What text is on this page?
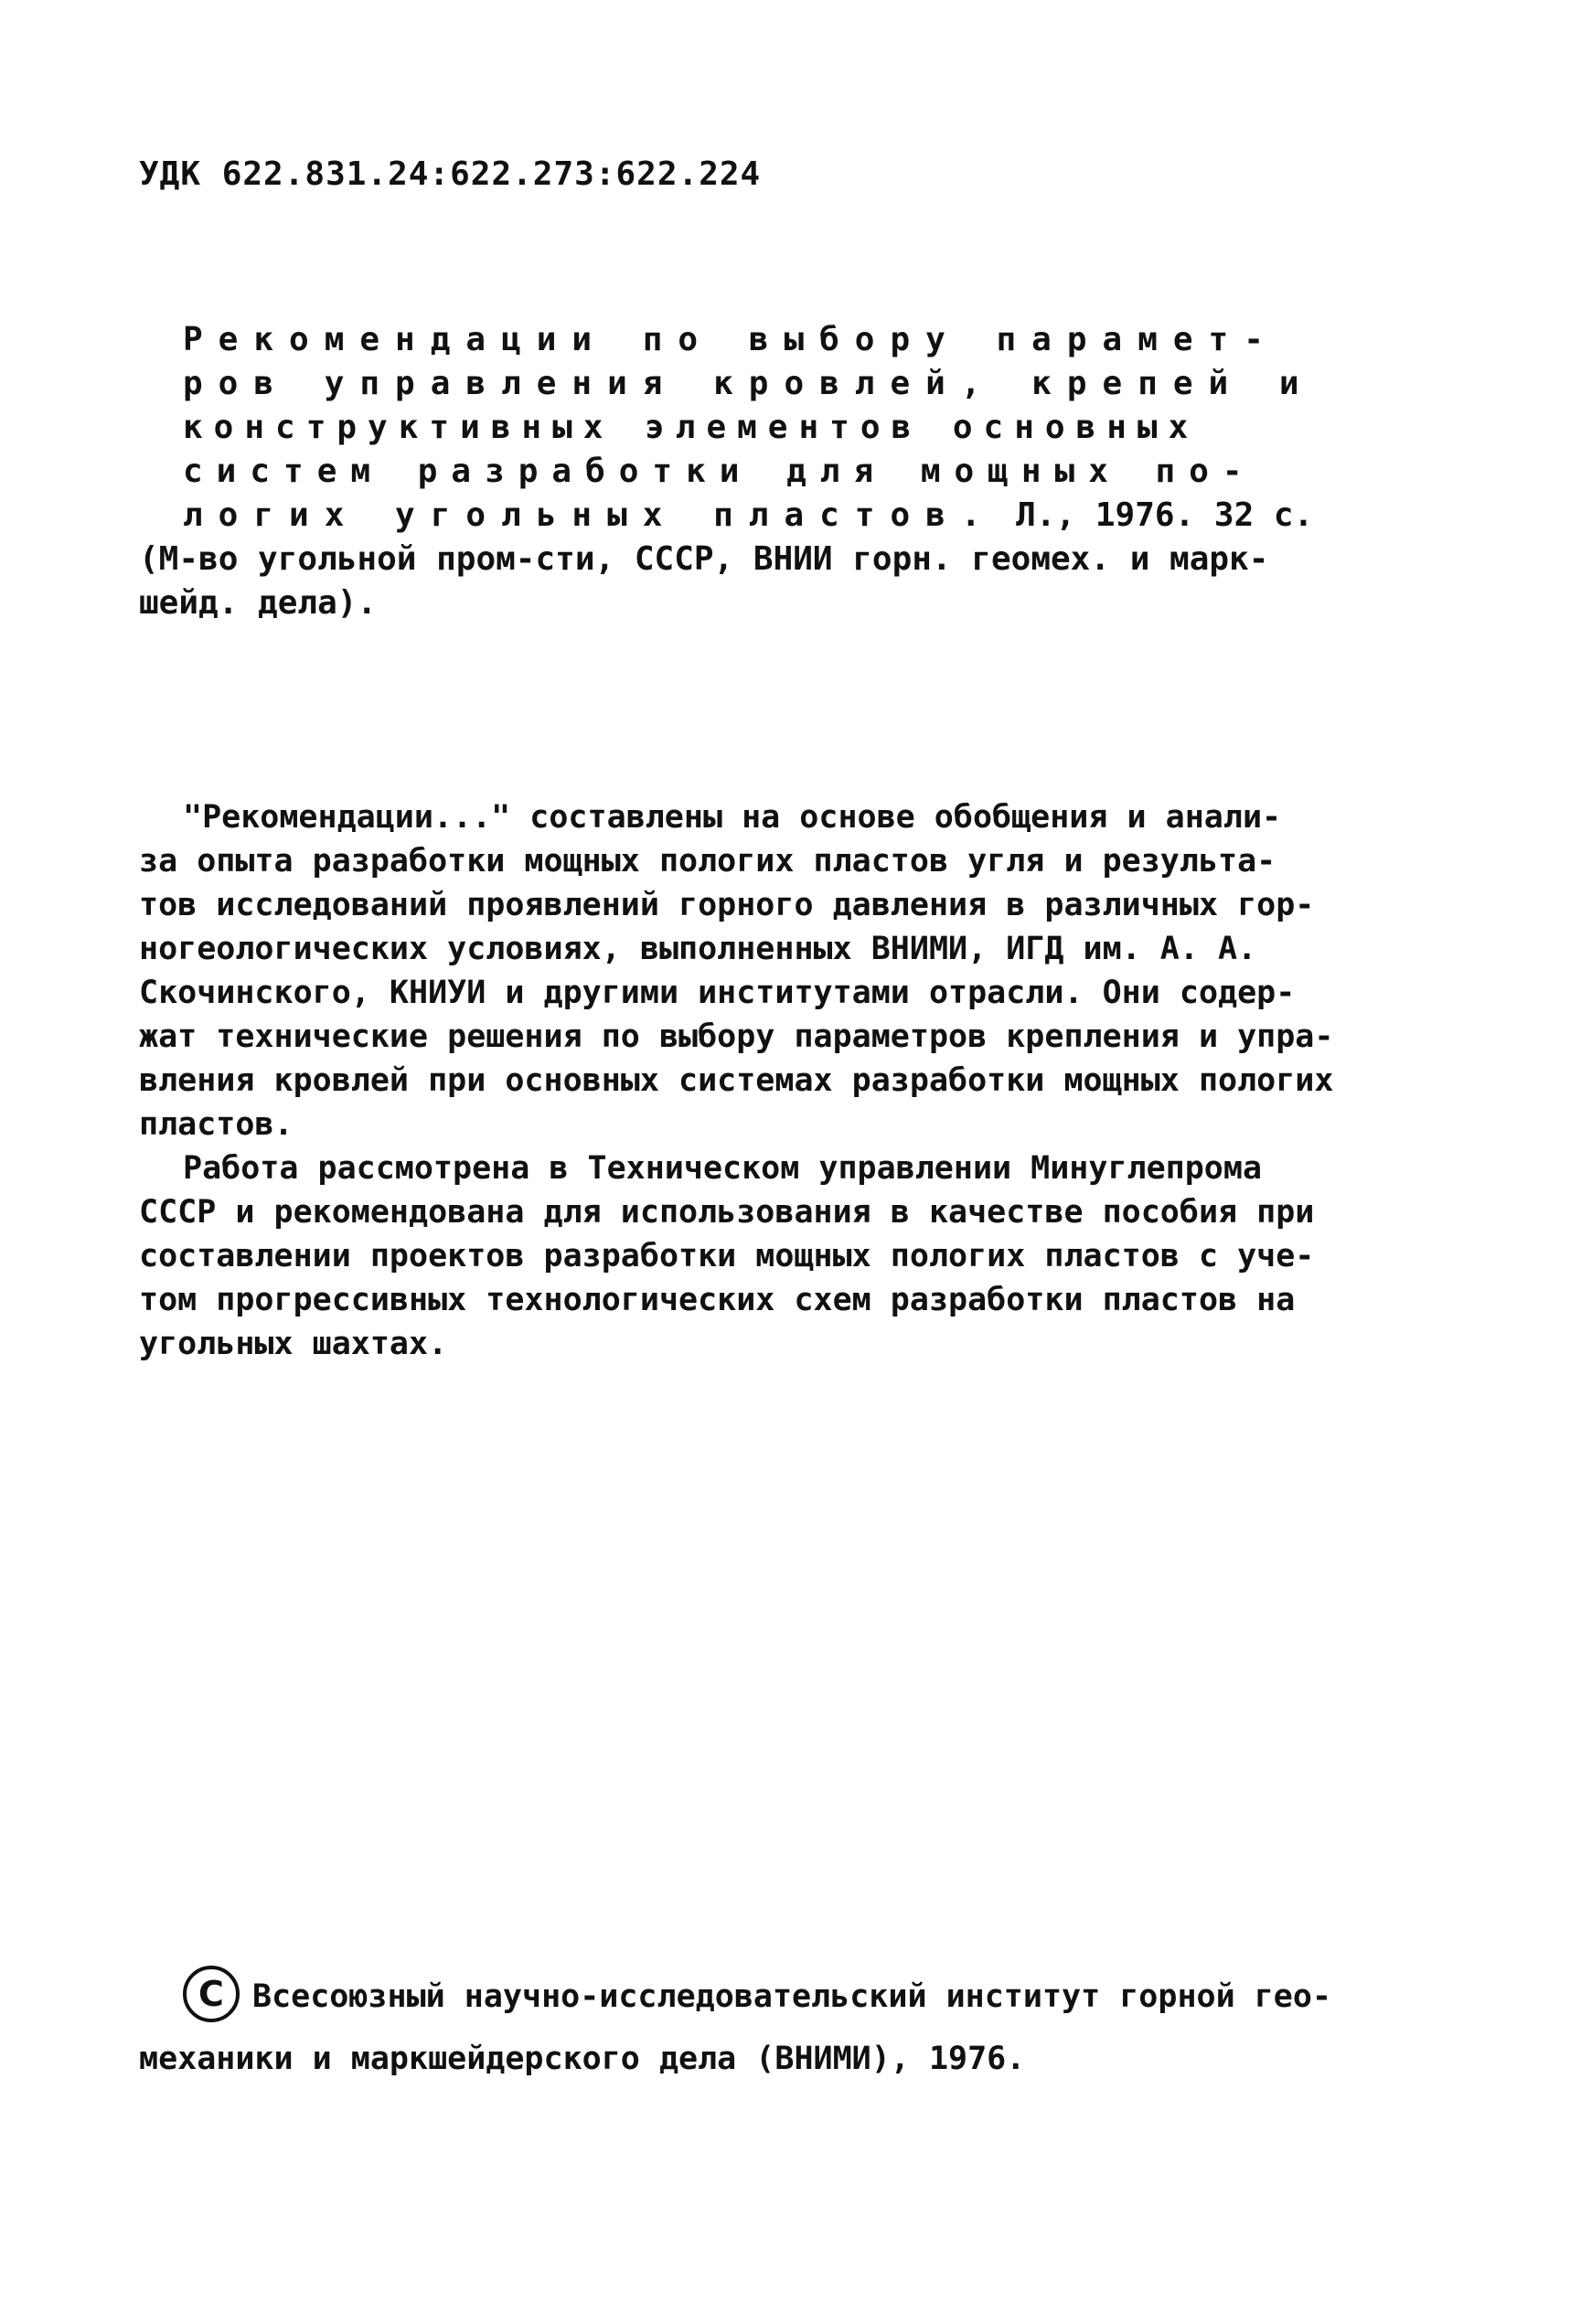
УДК 622.831.24:622.273:622.224
Рекомендации по выбору парамет-
ров управления кровлей, крепей и
конструктивных элементов основных
систем разработки для мощных по-
логих угольных пластов. Л., 1976. 32 с.
(М-во угольной пром-сти, СССР, ВНИИ горн. геомех. и марк-
шейд. дела).
"Рекомендации..." составлены на основе обобщения и анали-
за опыта разработки мощных пологих пластов угля и результа-
тов исследований проявлений горного давления в различных гор-
ногеологических условиях, выполненных ВНИМИ, ИГД им. А. А.
Скочинского, КНИУИ и другими институтами отрасли. Они содер-
жат технические решения по выбору параметров крепления и упра-
вления кровлей при основных системах разработки мощных пологих
пластов.
Работа рассмотрена в Техническом управлении Минуглепрома
СССР и рекомендована для использования в качестве пособия при
составлении проектов разработки мощных пологих пластов с уче-
том прогрессивных технологических схем разработки пластов на
угольных шахтах.
C Всесоюзный научно-исследовательский институт горной гео-
механики и маркшейдерского дела (ВНИМИ), 1976.
